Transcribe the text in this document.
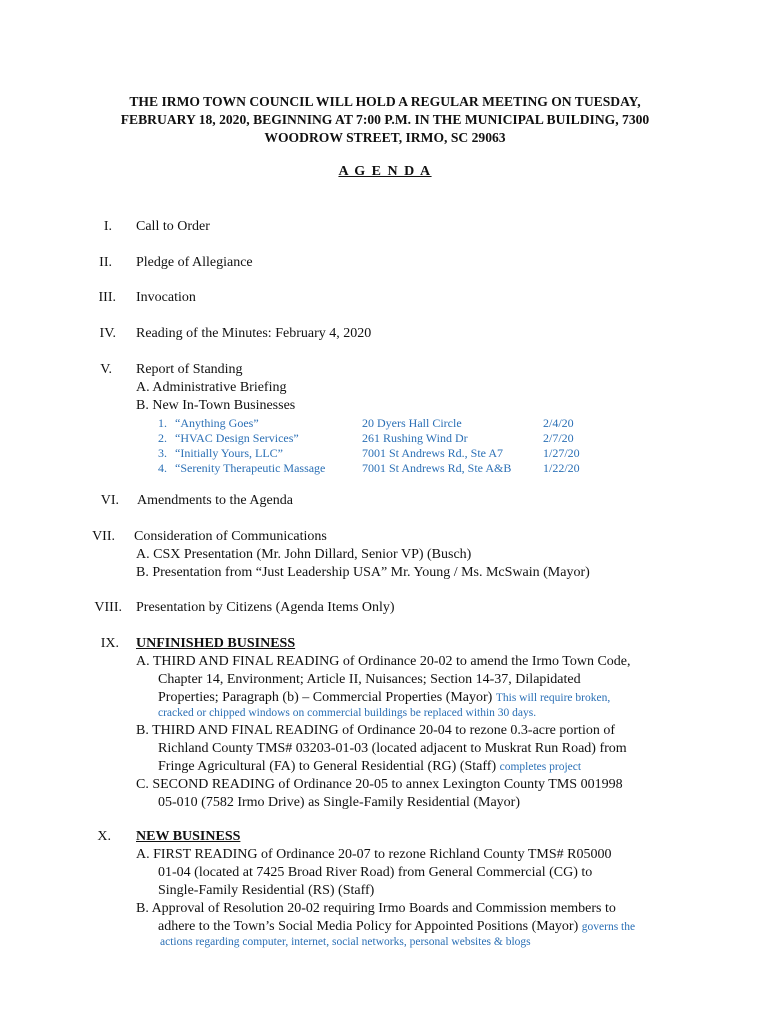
THE IRMO TOWN COUNCIL WILL HOLD A REGULAR MEETING ON TUESDAY,
FEBRUARY 18, 2020, BEGINNING AT 7:00 P.M. IN THE MUNICIPAL BUILDING, 7300
WOODROW STREET, IRMO, SC 29063
A G E N D A
I. Call to Order
II. Pledge of Allegiance
III. Invocation
IV. Reading of the Minutes: February 4, 2020
V. Report of Standing
A. Administrative Briefing
B. New In-Town Businesses
1. “Anything Goes”	20 Dyers Hall Circle	2/4/20
2. “HVAC Design Services”	261 Rushing Wind Dr	2/7/20
3. “Initially Yours, LLC”	7001 St Andrews Rd., Ste A7	1/27/20
4. “Serenity Therapeutic Massage	7001 St Andrews Rd, Ste A&B	1/22/20
VI. Amendments to the Agenda
VII. Consideration of Communications
A. CSX Presentation (Mr. John Dillard, Senior VP) (Busch)
B. Presentation from “Just Leadership USA” Mr. Young / Ms. McSwain (Mayor)
VIII. Presentation by Citizens (Agenda Items Only)
IX. UNFINISHED BUSINESS
A. THIRD AND FINAL READING of Ordinance 20-02 to amend the Irmo Town Code,
Chapter 14, Environment; Article II, Nuisances; Section 14-37, Dilapidated
Properties; Paragraph (b) – Commercial Properties (Mayor) This will require broken,
cracked or chipped windows on commercial buildings be replaced within 30 days.
B. THIRD AND FINAL READING of Ordinance 20-04 to rezone 0.3-acre portion of
Richland County TMS# 03203-01-03 (located adjacent to Muskrat Run Road) from
Fringe Agricultural (FA) to General Residential (RG) (Staff) completes project
C. SECOND READING of Ordinance 20-05 to annex Lexington County TMS 001998
05-010 (7582 Irmo Drive) as Single-Family Residential (Mayor)
X. NEW BUSINESS
A. FIRST READING of Ordinance 20-07 to rezone Richland County TMS# R05000
01-04 (located at 7425 Broad River Road) from General Commercial (CG) to
Single-Family Residential (RS) (Staff)
B. Approval of Resolution 20-02 requiring Irmo Boards and Commission members to
adhere to the Town’s Social Media Policy for Appointed Positions (Mayor) governs the
actions regarding computer, internet, social networks, personal websites & blogs
